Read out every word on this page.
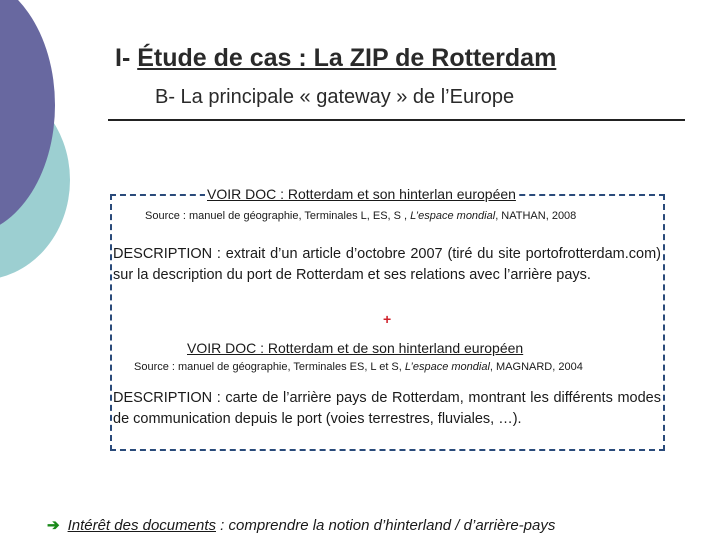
I- Étude de cas : La ZIP de Rotterdam

B- La principale « gateway » de l’Europe

VOIR DOC : Rotterdam et son hinterlan européen

Source : manuel de géographie, Terminales L, ES, S , L’espace mondial, NATHAN, 2008

DESCRIPTION : extrait d’un article d’octobre 2007 (tiré du site portofrotterdam.com) sur la description du port de Rotterdam et ses relations avec l’arrière pays.

+

VOIR DOC : Rotterdam et de son hinterland européen

Source : manuel de géographie, Terminales ES, L et S, L’espace mondial, MAGNARD, 2004

DESCRIPTION : carte de l’arrière pays de Rotterdam, montrant les différents modes de communication depuis le port (voies terrestres, fluviales, …).

➔ Intérêt des documents : comprendre la notion d’hinterland / d’arrière-pays
